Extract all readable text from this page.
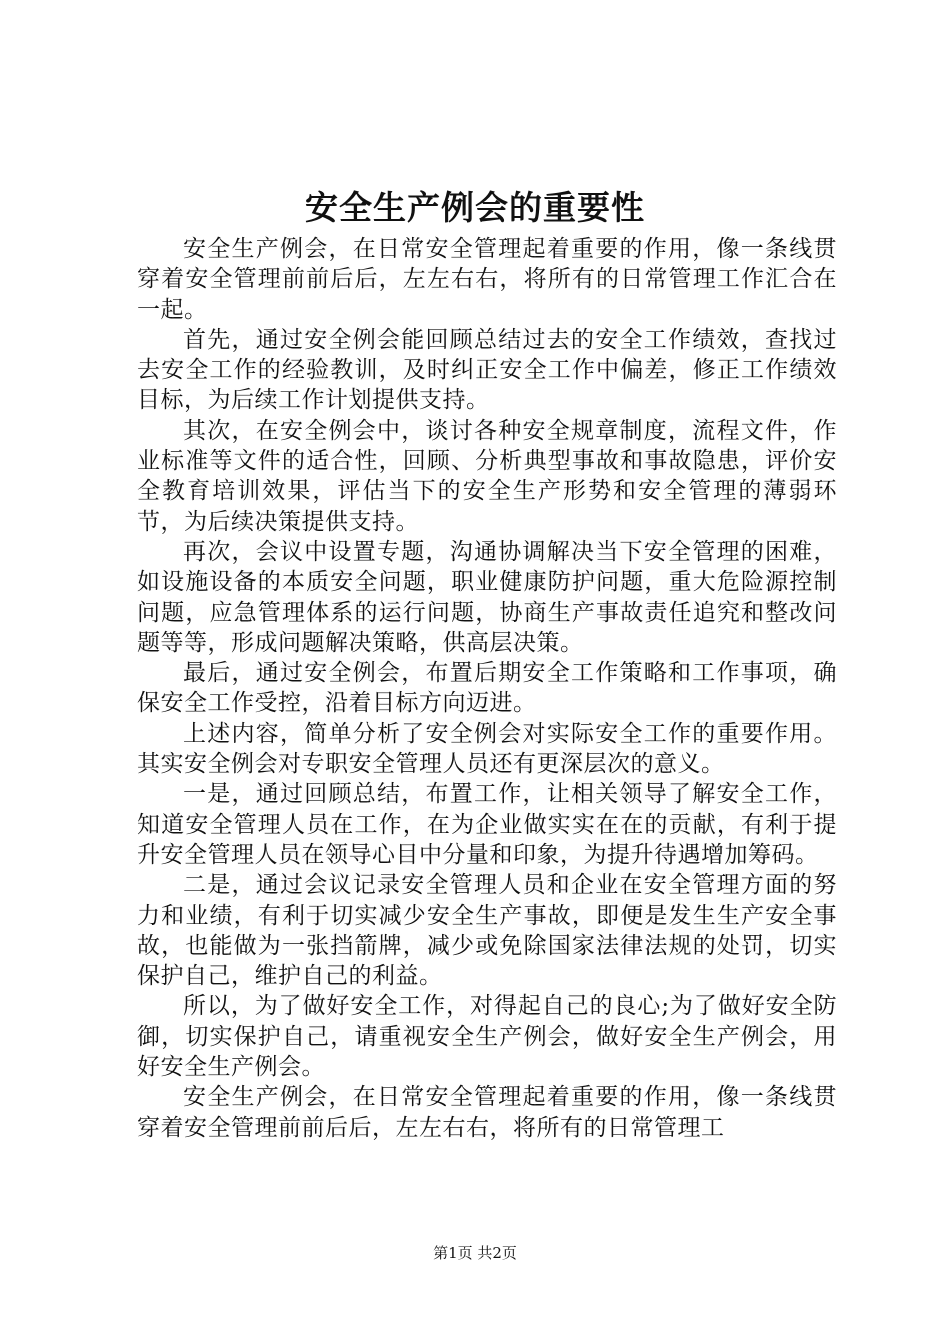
安全生产例会的重要性

安全生产例会，在日常安全管理起着重要的作用，像一条线贯穿着安全管理前前后后，左左右右，将所有的日常管理工作汇合在一起。

首先，通过安全例会能回顾总结过去的安全工作绩效，查找过去安全工作的经验教训，及时纠正安全工作中偏差，修正工作绩效目标，为后续工作计划提供支持。

其次，在安全例会中，谈讨各种安全规章制度，流程文件，作业标准等文件的适合性，回顾、分析典型事故和事故隐患，评价安全教育培训效果，评估当下的安全生产形势和安全管理的薄弱环节，为后续决策提供支持。

再次，会议中设置专题，沟通协调解决当下安全管理的困难，如设施设备的本质安全问题，职业健康防护问题，重大危险源控制问题，应急管理体系的运行问题，协商生产事故责任追究和整改问题等等，形成问题解决策略，供高层决策。

最后，通过安全例会，布置后期安全工作策略和工作事项，确保安全工作受控，沿着目标方向迈进。

上述内容，简单分析了安全例会对实际安全工作的重要作用。其实安全例会对专职安全管理人员还有更深层次的意义。

一是，通过回顾总结，布置工作，让相关领导了解安全工作，知道安全管理人员在工作，在为企业做实实在在的贡献，有利于提升安全管理人员在领导心目中分量和印象，为提升待遇增加筹码。

二是，通过会议记录安全管理人员和企业在安全管理方面的努力和业绩，有利于切实减少安全生产事故，即便是发生生产安全事故，也能做为一张挡箭牌，减少或免除国家法律法规的处罚，切实保护自己，维护自己的利益。

所以，为了做好安全工作，对得起自己的良心;为了做好安全防御，切实保护自己，请重视安全生产例会，做好安全生产例会，用好安全生产例会。

安全生产例会，在日常安全管理起着重要的作用，像一条线贯穿着安全管理前前后后，左左右右，将所有的日常管理工

第1页 共2页
